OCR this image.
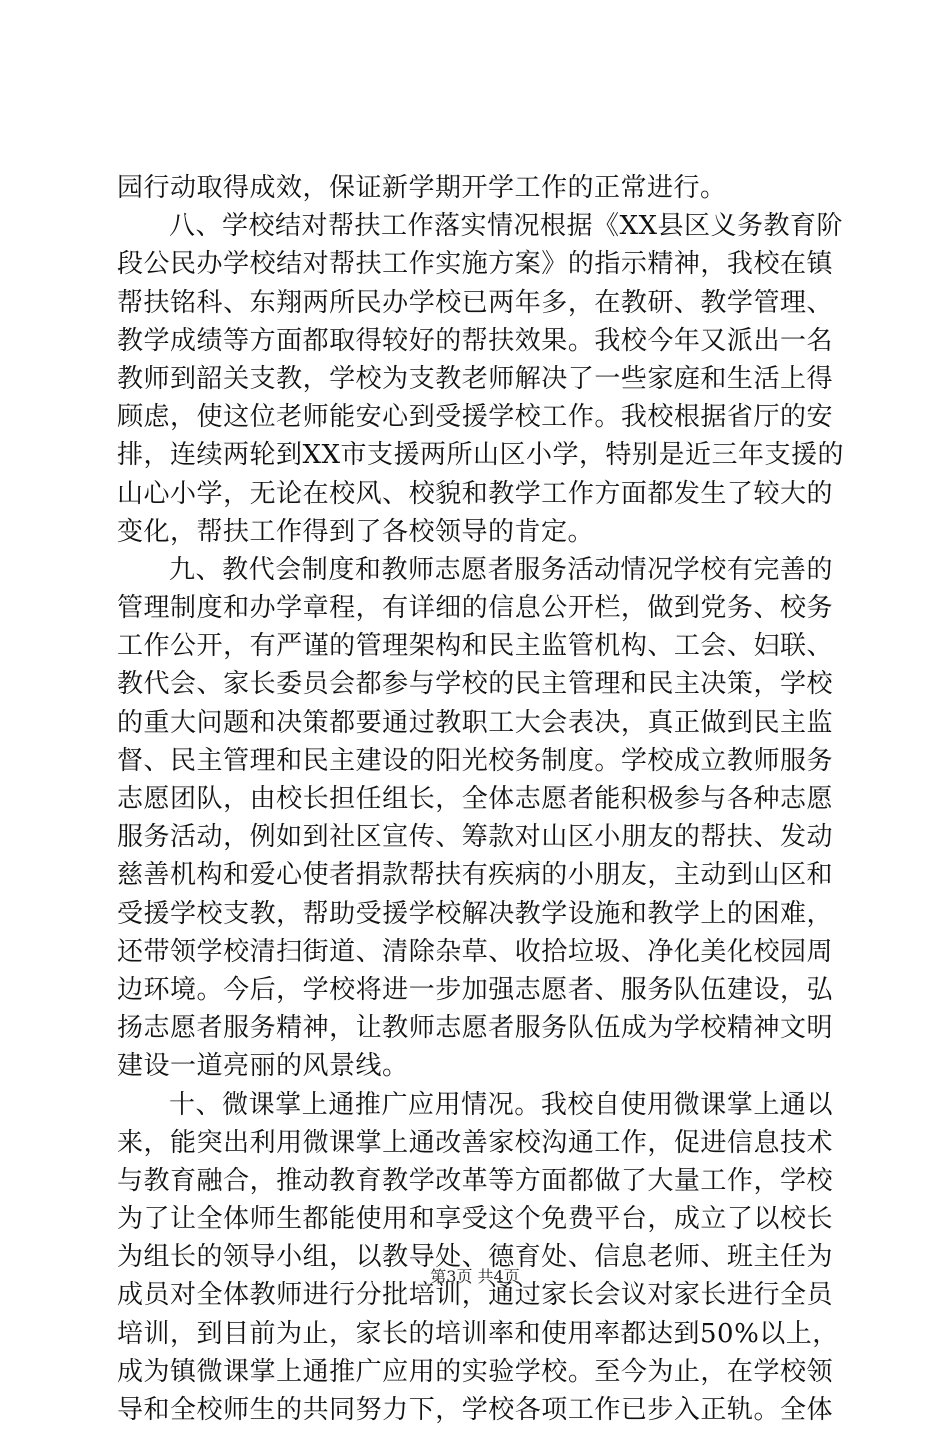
园行动取得成效，保证新学期开学工作的正常进行。
八、学校结对帮扶工作落实情况根据《XX县区义务教育阶
段公民办学校结对帮扶工作实施方案》的指示精神，我校在镇
帮扶铭科、东翔两所民办学校已两年多，在教研、教学管理、
教学成绩等方面都取得较好的帮扶效果。我校今年又派出一名
教师到韶关支教，学校为支教老师解决了一些家庭和生活上得
顾虑，使这位老师能安心到受援学校工作。我校根据省厅的安
排，连续两轮到XX市支援两所山区小学，特别是近三年支援的
山心小学，无论在校风、校貌和教学工作方面都发生了较大的
变化，帮扶工作得到了各校领导的肯定。
九、教代会制度和教师志愿者服务活动情况学校有完善的
管理制度和办学章程，有详细的信息公开栏，做到党务、校务
工作公开，有严谨的管理架构和民主监管机构、工会、妇联、
教代会、家长委员会都参与学校的民主管理和民主决策，学校
的重大问题和决策都要通过教职工大会表决，真正做到民主监
督、民主管理和民主建设的阳光校务制度。学校成立教师服务
志愿团队，由校长担任组长，全体志愿者能积极参与各种志愿
服务活动，例如到社区宣传、筹款对山区小朋友的帮扶、发动
慈善机构和爱心使者捐款帮扶有疾病的小朋友，主动到山区和
受援学校支教，帮助受援学校解决教学设施和教学上的困难，
还带领学校清扫街道、清除杂草、收拾垃圾、净化美化校园周
边环境。今后，学校将进一步加强志愿者、服务队伍建设，弘
扬志愿者服务精神，让教师志愿者服务队伍成为学校精神文明
建设一道亮丽的风景线。
十、微课掌上通推广应用情况。我校自使用微课掌上通以
来，能突出利用微课掌上通改善家校沟通工作，促进信息技术
与教育融合，推动教育教学改革等方面都做了大量工作，学校
为了让全体师生都能使用和享受这个免费平台，成立了以校长
为组长的领导小组，以教导处、德育处、信息老师、班主任为
成员对全体教师进行分批培训，通过家长会议对家长进行全员
培训，到目前为止，家长的培训率和使用率都达到50%以上，
成为镇微课掌上通推广应用的实验学校。至今为止，在学校领
导和全校师生的共同努力下，学校各项工作已步入正轨。全体
第3页 共4页
